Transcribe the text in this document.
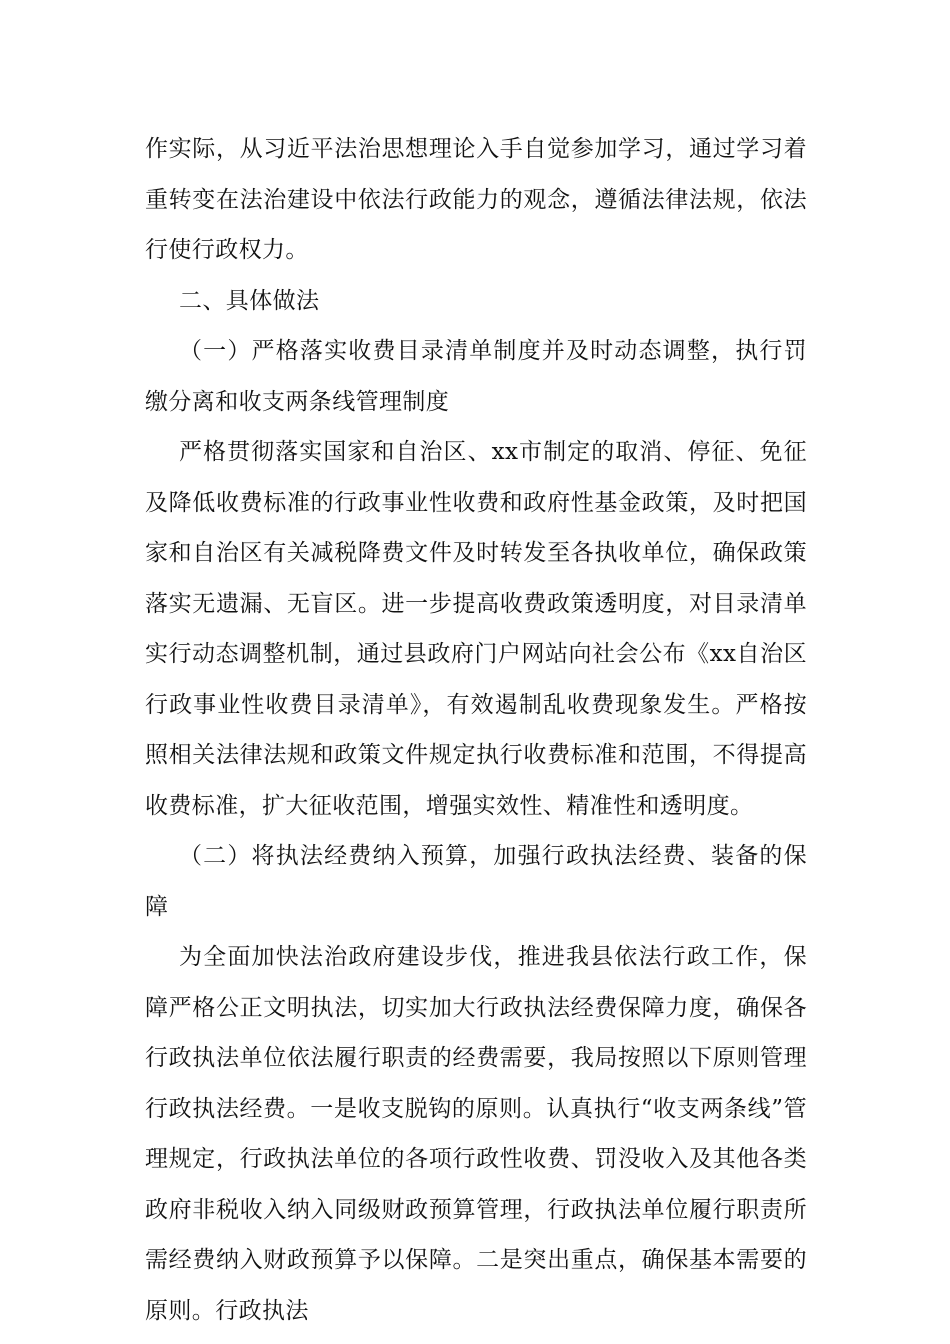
作实际，从习近平法治思想理论入手自觉参加学习，通过学习着重转变在法治建设中依法行政能力的观念，遵循法律法规，依法行使行政权力。

二、具体做法

（一）严格落实收费目录清单制度并及时动态调整，执行罚缴分离和收支两条线管理制度

严格贯彻落实国家和自治区、xx市制定的取消、停征、免征及降低收费标准的行政事业性收费和政府性基金政策，及时把国家和自治区有关减税降费文件及时转发至各执收单位，确保政策落实无遗漏、无盲区。进一步提高收费政策透明度，对目录清单实行动态调整机制，通过县政府门户网站向社会公布《xx自治区行政事业性收费目录清单》，有效遏制乱收费现象发生。严格按照相关法律法规和政策文件规定执行收费标准和范围，不得提高收费标准，扩大征收范围，增强实效性、精准性和透明度。

（二）将执法经费纳入预算，加强行政执法经费、装备的保障

为全面加快法治政府建设步伐，推进我县依法行政工作，保障严格公正文明执法，切实加大行政执法经费保障力度，确保各行政执法单位依法履行职责的经费需要，我局按照以下原则管理行政执法经费。一是收支脱钩的原则。认真执行“收支两条线”管理规定，行政执法单位的各项行政性收费、罚没收入及其他各类政府非税收入纳入同级财政预算管理，行政执法单位履行职责所需经费纳入财政预算予以保障。二是突出重点，确保基本需要的原则。行政执法
